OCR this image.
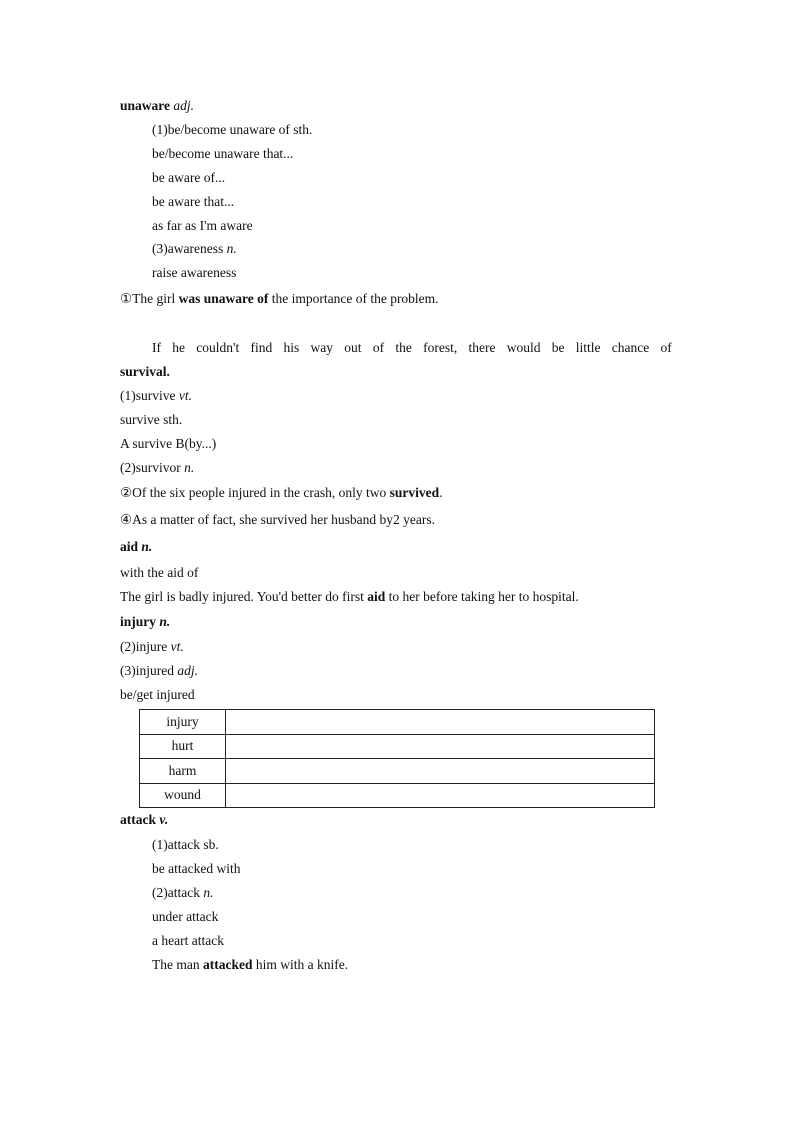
unaware adj.
(1)be/become unaware of sth.
be/become unaware that...
be aware of...
be aware that...
as far as I'm aware
(3)awareness n.
raise awareness
①The girl was unaware of the importance of the problem.
If he couldn't find his way out of the forest, there would be little chance of
survival.
(1)survive vt.
survive sth.
A survive B(by...)
(2)survivor n.
②Of the six people injured in the crash, only two survived.
④As a matter of fact, she survived her husband by2 years.
aid n.
with the aid of
The girl is badly injured. You'd better do first aid to her before taking her to hospital.
injury n.
(2)injure vt.
(3)injured adj.
be/get injured
injury	
hurt	
harm	
wound	
attack v.
(1)attack sb.
be attacked with
(2)attack n.
under attack
a heart attack
The man attacked him with a knife.
